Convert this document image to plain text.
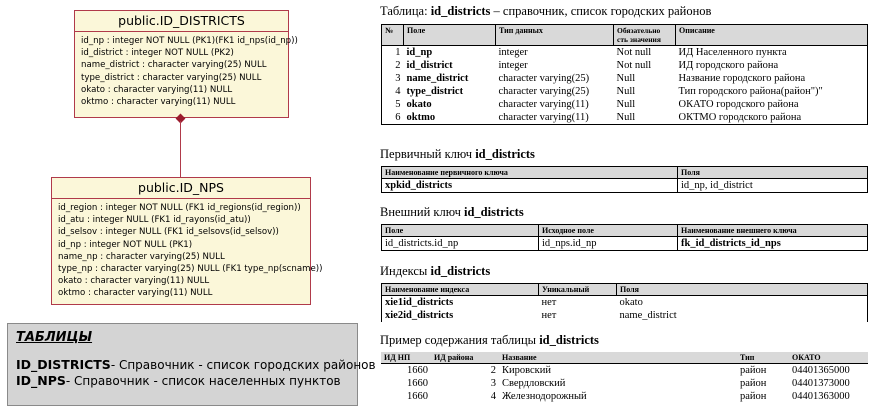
public.ID_DISTRICTS
id_np : integer NOT NULL (PK1)(FK1 id_nps(id_np))
id_district : integer NOT NULL (PK2)
name_district : character varying(25) NULL
type_district : character varying(25) NULL
okato : character varying(11) NULL
oktmo : character varying(11) NULL
public.ID_NPS
id_region : integer NOT NULL (FK1 id_regions(id_region))
id_atu : integer NULL (FK1 id_rayons(id_atu))
id_selsov : integer NULL (FK1 id_selsovs(id_selsov))
id_np : integer NOT NULL (PK1)
name_np : character varying(25) NULL
type_np : character varying(25) NULL (FK1 type_np(scname))
okato : character varying(11) NULL
oktmo : character varying(11) NULL
ТАБЛИЦЫ
ID_DISTRICTS- Справочник - список городских районов
ID_NPS- Справочник - список населенных пунктов
Таблица: id_districts – справочник, список городских районов
№	Поле	Тип данных	Обязательно сть значения	Описание
1	id_np	integer	Not null	ИД Населенного пункта
2	id_district	integer	Not null	ИД городского района
3	name_district	character varying(25)	Null	Название городского района
4	type_district	character varying(25)	Null	Тип городского района(район")"
5	okato	character varying(11)	Null	ОКАТО городского района
6	oktmo	character varying(11)	Null	ОКТМО городского района
Первичный ключ id_districts
Наименование первичного ключа	Поля
xpkid_districts	id_np, id_district
Внешний ключ id_districts
Поле	Исходное поле	Наименование внешнего ключа
id_districts.id_np	id_nps.id_np	fk_id_districts_id_nps
Индексы id_districts
Наименование индекса	Уникальный	Поля
xie1id_districts	нет	okato
xie2id_districts	нет	name_district
Пример содержания таблицы id_districts
ИД НП	ИД района	Название	Тип	ОКАТО
1660	2	Кировский	район	04401365000
1660	3	Свердловский	район	04401373000
1660	4	Железнодорожный	район	04401363000
